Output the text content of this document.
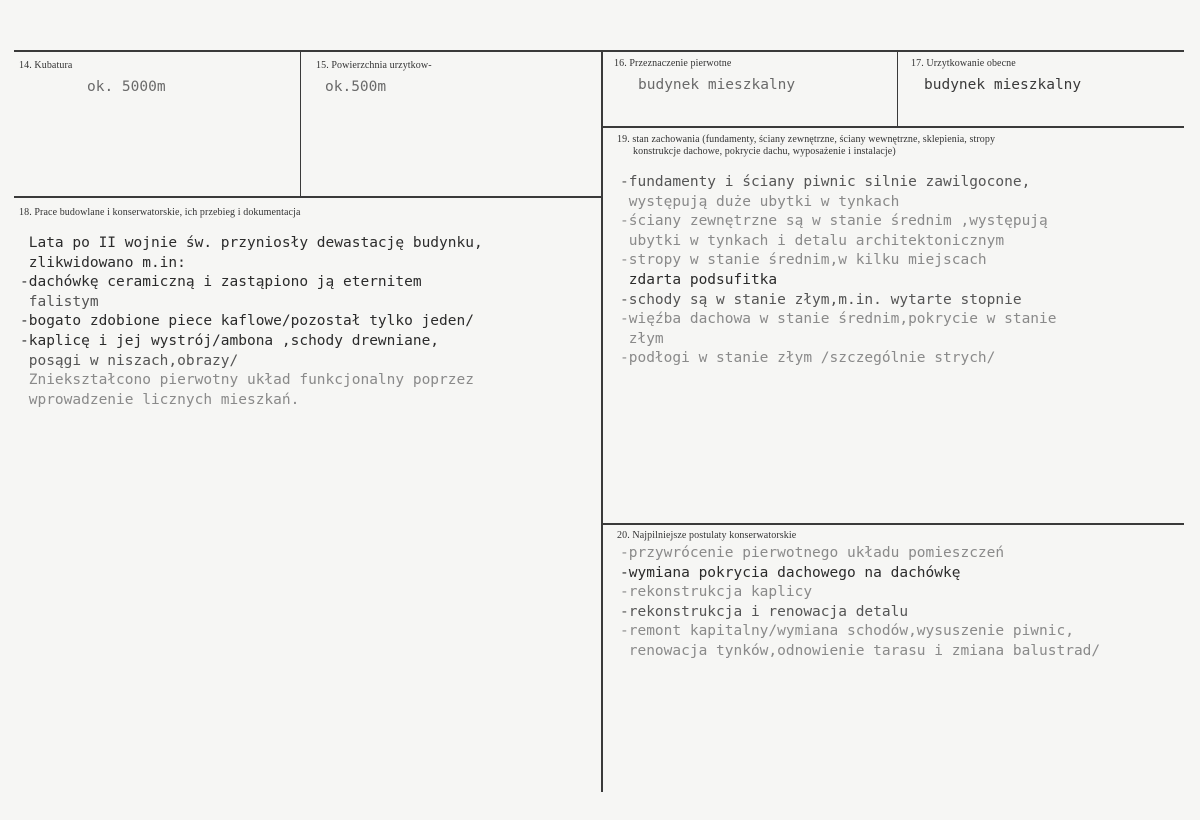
14. Kubatura
ok. 5000m
15. Powierzchnia urzytkow-
ok.500m
16. Przeznaczenie pierwotne
budynek mieszkalny
17. Urzytkowanie obecne
budynek mieszkalny
18. Prace budowlane i konserwatorskie, ich przebieg i dokumentacja
Lata po II wojnie św. przyniosły dewastację budynku,
zlikwidowano m.in:
-dachówkę ceramiczną i zastąpiono ją eternitem
falistym
-bogato zdobione piece kaflowe/pozostał tylko jeden/
-kaplicę i jej wystrój/ambona ,schody drewniane,
posągi w niszach,obrazy/
Zniekształcono pierwotny układ funkcjonalny poprzez
wprowadzenie licznych mieszkań.
19. stan zachowania (fundamenty, ściany zewnętrzne, ściany wewnętrzne, sklepienia, stropy
konstrukcje dachowe, pokrycie dachu, wyposażenie i instalacje)
-fundamenty i ściany piwnic silnie zawilgocone,
występują duże ubytki w tynkach
-ściany zewnętrzne są w stanie średnim ,występują
ubytki w tynkach i detalu architektonicznym
-stropy w stanie średnim,w kilku miejscach
zdarta podsufitka
-schody są w stanie złym,m.in. wytarte stopnie
-więźba dachowa w stanie średnim,pokrycie w stanie
złym
-podłogi w stanie złym /szczególnie strych/
20. Najpilniejsze postulaty konserwatorskie
-przywrócenie pierwotnego układu pomieszczeń
-wymiana pokrycia dachowego na dachówkę
-rekonstrukcja kaplicy
-rekonstrukcja i renowacja detalu
-remont kapitalny/wymiana schodów,wysuszenie piwnic,
renowacja tynków,odnowienie tarasu i zmiana balustrad/
